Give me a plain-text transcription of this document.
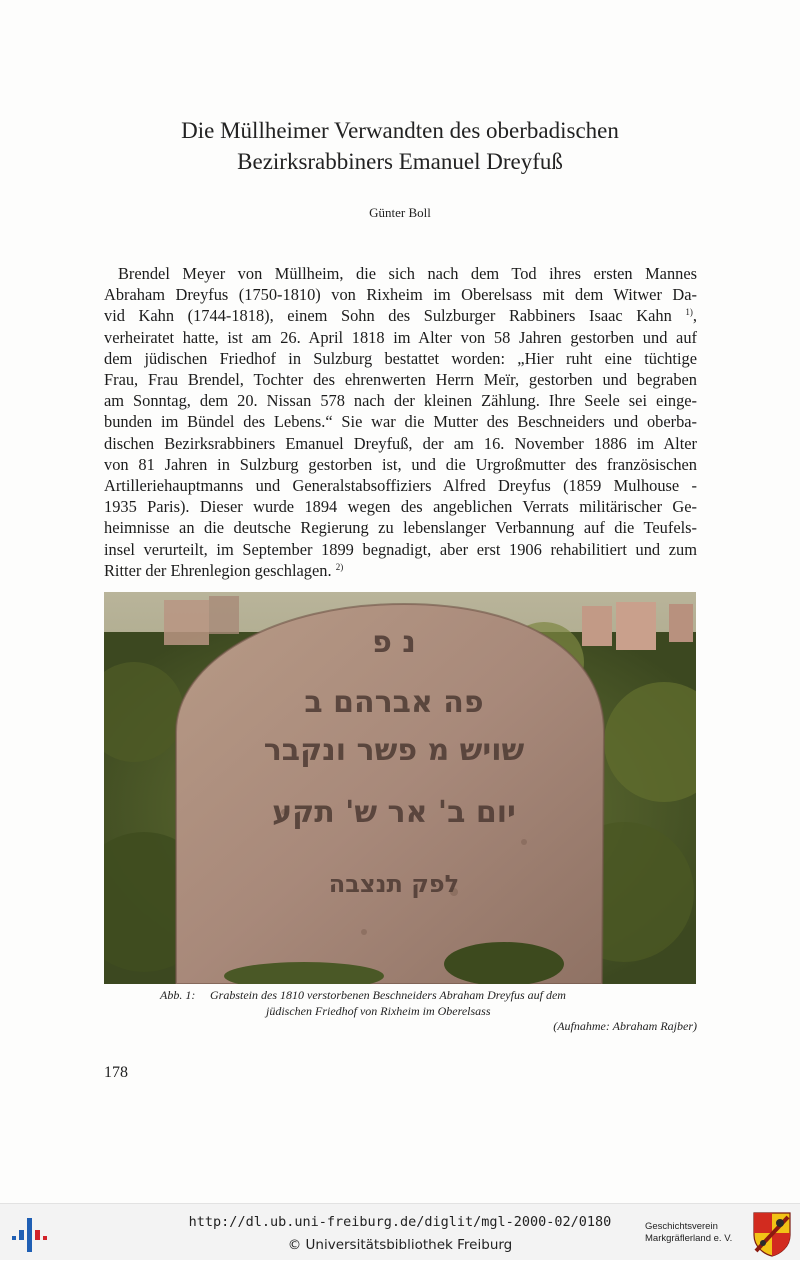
Die Müllheimer Verwandten des oberbadischen
Bezirksrabbiners Emanuel Dreyfuß
Günter Boll
Brendel Meyer von Müllheim, die sich nach dem Tod ihres ersten Mannes
Abraham Dreyfus (1750-1810) von Rixheim im Oberelsass mit dem Witwer Da-
vid Kahn (1744-1818), einem Sohn des Sulzburger Rabbiners Isaac Kahn $^{1)}$,
verheiratet hatte, ist am 26. April 1818 im Alter von 58 Jahren gestorben und auf
dem jüdischen Friedhof in Sulzburg bestattet worden: „Hier ruht eine tüchtige
Frau, Frau Brendel, Tochter des ehrenwerten Herrn Meïr, gestorben und begraben
am Sonntag, dem 20. Nissan 578 nach der kleinen Zählung. Ihre Seele sei einge-
bunden im Bündel des Lebens.“ Sie war die Mutter des Beschneiders und oberba-
dischen Bezirksrabbiners Emanuel Dreyfuß, der am 16. November 1886 im Alter
von 81 Jahren in Sulzburg gestorben ist, und die Urgroßmutter des französischen
Artilleriehauptmanns und Generalstabsoffiziers Alfred Dreyfus (1859 Mulhouse -
1935 Paris). Dieser wurde 1894 wegen des angeblichen Verrats militärischer Ge-
heimnisse an die deutsche Regierung zu lebenslanger Verbannung auf die Teufels-
insel verurteilt, im September 1899 begnadigt, aber erst 1906 rehabilitiert und zum
Ritter der Ehrenlegion geschlagen. $^{2)}$
נ פ
פה אברהם ב
שויש מ פשר ונקבר
יום ב' אר ש' תקע
לפק תנצבה
Abb. 1: Grabstein des 1810 verstorbenen Beschneiders Abraham Dreyfus auf dem
jüdischen Friedhof von Rixheim im Oberelsass
(Aufnahme: Abraham Rajber)
178
http://dl.ub.uni-freiburg.de/diglit/mgl-2000-02/0180
© Universitätsbibliothek Freiburg
Geschichtsverein
Markgräflerland e. V.
